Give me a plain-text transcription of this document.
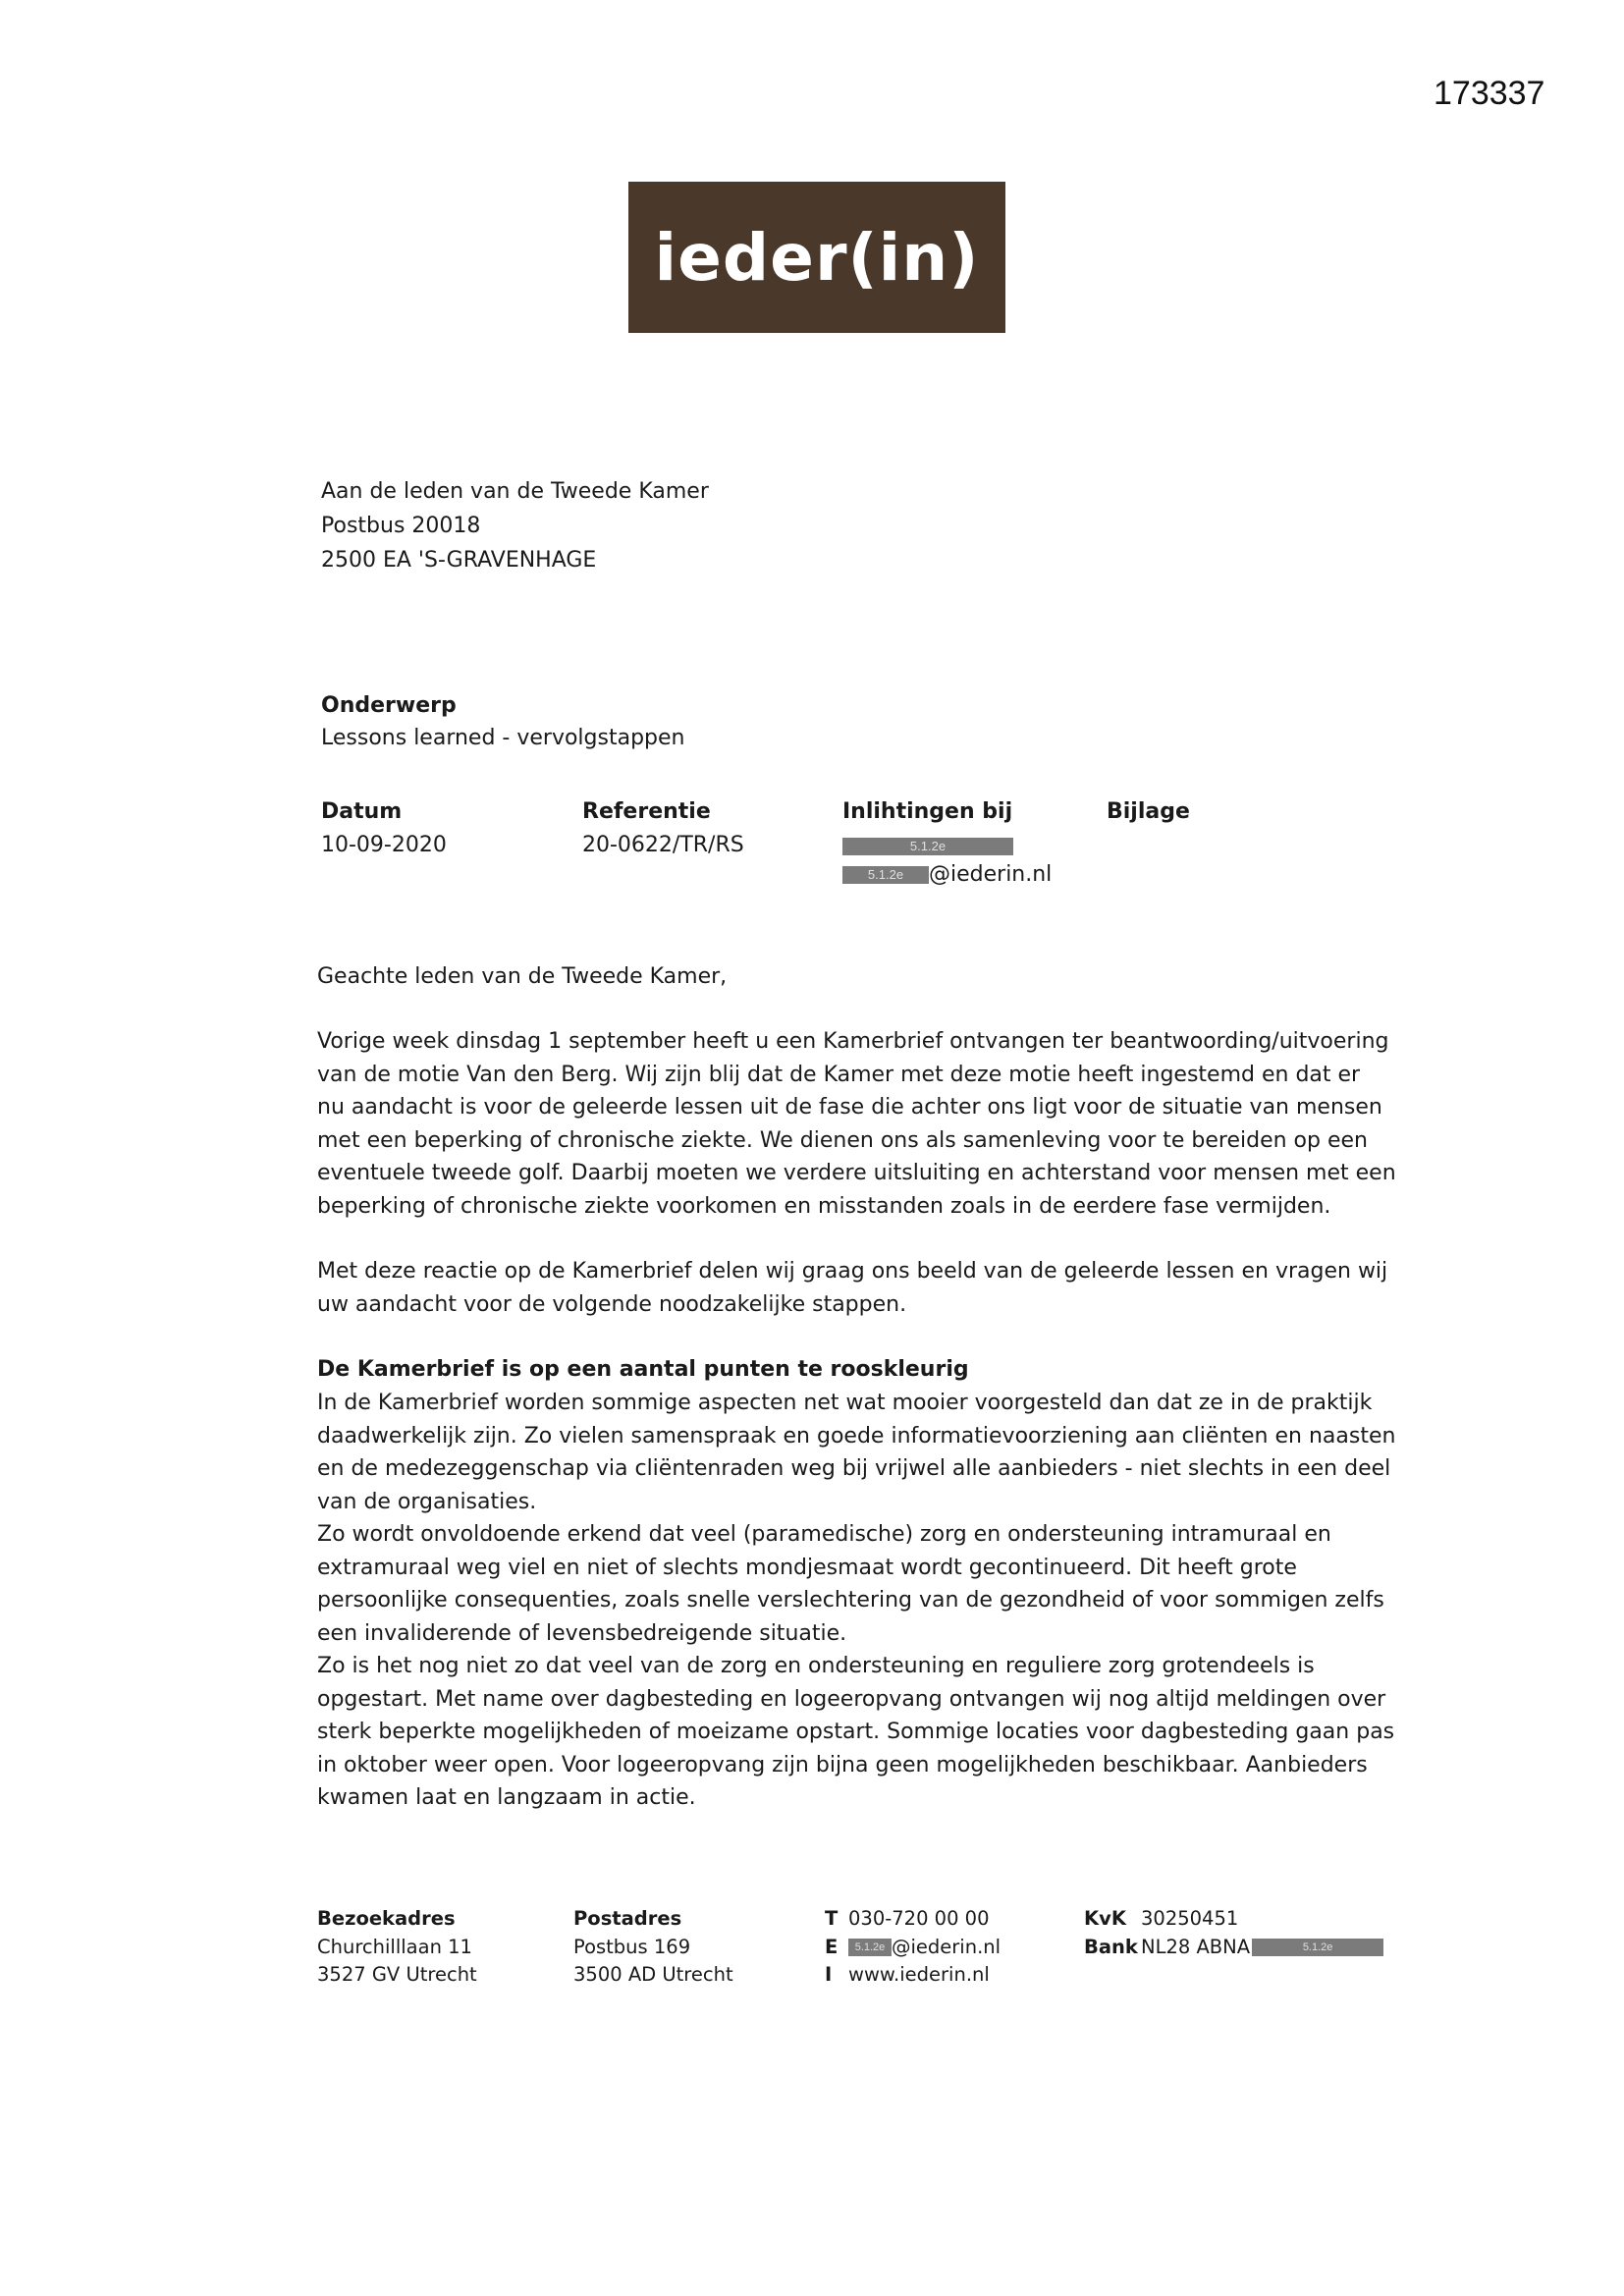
173337
ieder(in)
Aan de leden van de Tweede Kamer
Postbus 20018
2500 EA 'S-GRAVENHAGE
Onderwerp
Lessons learned - vervolgstappen
Datum
10-09-2020
Referentie
20-0622/TR/RS
Inlihtingen bij
5.1.2e
5.1.2e @iederin.nl
Bijlage
Geachte leden van de Tweede Kamer,

Vorige week dinsdag 1 september heeft u een Kamerbrief ontvangen ter beantwoording/uitvoering

van de motie Van den Berg. Wij zijn blij dat de Kamer met deze motie heeft ingestemd en dat er

nu aandacht is voor de geleerde lessen uit de fase die achter ons ligt voor de situatie van mensen

met een beperking of chronische ziekte. We dienen ons als samenleving voor te bereiden op een

eventuele tweede golf. Daarbij moeten we verdere uitsluiting en achterstand voor mensen met een

beperking of chronische ziekte voorkomen en misstanden zoals in de eerdere fase vermijden.

Met deze reactie op de Kamerbrief delen wij graag ons beeld van de geleerde lessen en vragen wij

uw aandacht voor de volgende noodzakelijke stappen.

De Kamerbrief is op een aantal punten te rooskleurig

In de Kamerbrief worden sommige aspecten net wat mooier voorgesteld dan dat ze in de praktijk

daadwerkelijk zijn. Zo vielen samenspraak en goede informatievoorziening aan cliënten en naasten

en de medezeggenschap via cliëntenraden weg bij vrijwel alle aanbieders - niet slechts in een deel

van de organisaties.

Zo wordt onvoldoende erkend dat veel (paramedische) zorg en ondersteuning intramuraal en

extramuraal weg viel en niet of slechts mondjesmaat wordt gecontinueerd. Dit heeft grote

persoonlijke consequenties, zoals snelle verslechtering van de gezondheid of voor sommigen zelfs

een invaliderende of levensbedreigende situatie.

Zo is het nog niet zo dat veel van de zorg en ondersteuning en reguliere zorg grotendeels is

opgestart. Met name over dagbesteding en logeeropvang ontvangen wij nog altijd meldingen over

sterk beperkte mogelijkheden of moeizame opstart. Sommige locaties voor dagbesteding gaan pas

in oktober weer open. Voor logeeropvang zijn bijna geen mogelijkheden beschikbaar. Aanbieders

kwamen laat en langzaam in actie.

Bezoekadres
Churchilllaan 11
3527 GV Utrecht
Postadres
Postbus 169
3500 AD Utrecht
T 030-720 00 00
E 5.1.2e @iederin.nl
I www.iederin.nl
KvK 30250451
Bank NL28 ABNA	5.1.2e
